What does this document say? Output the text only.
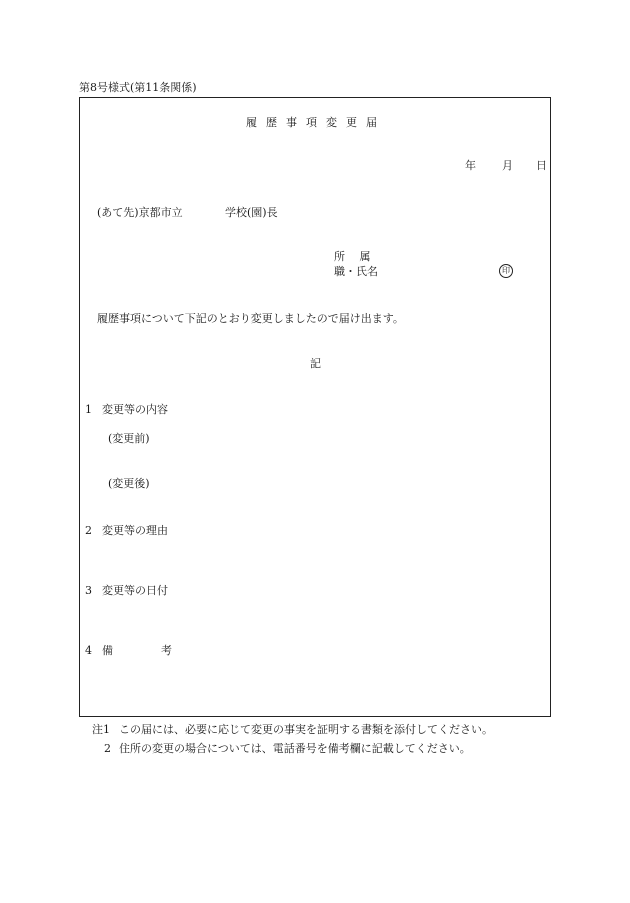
第8号様式(第11条関係)
履歴事項変更届
年 月 日
(あて先)京都市立	学校(園)長
所　 属
職・氏名	印
履歴事項について下記のとおり変更しましたので届け出ます。
記
1 変更等の内容
(変更前)
(変更後)
2 変更等の理由
3 変更等の日付
4 備	考
注1 この届には、必要に応じて変更の事実を証明する書類を添付してください。
2 住所の変更の場合については、電話番号を備考欄に記載してください。
